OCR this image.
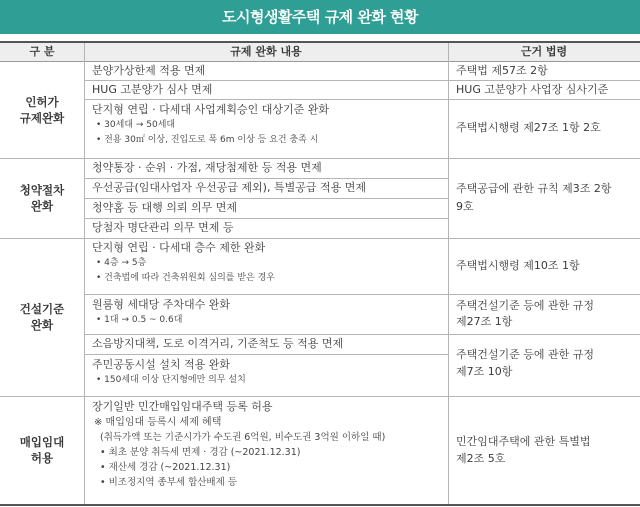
도시형생활주택 규제 완화 현황
구 분	규제 완화 내용	근거 법령
인허가
규제완화
분양가상한제 적용 면제
HUG 고분양가 심사 면제
단지형 연립 · 다세대 사업계획승인 대상기준 완화
• 30세대 → 50세대
• 전용 30㎡ 이상, 진입도로 폭 6m 이상 등 요건 충족 시
주택법 제57조 2항
HUG 고분양가 사업장 심사기준
주택법시행령 제27조 1항 2호
청약절차
완화
청약통장 · 순위 · 가점, 재당첨제한 등 적용 면제
우선공급(임대사업자 우선공급 제외), 특별공급 적용 면제
청약홈 등 대행 의뢰 의무 면제
당첨자 명단관리 의무 면제 등
주택공급에 관한 규칙 제3조 2항
9호
건설기준
완화
단지형 연립 · 다세대 층수 제한 완화
• 4층 → 5층
• 건축법에 따라 건축위원회 심의를 받은 경우
원룸형 세대당 주차대수 완화
• 1대 → 0.5 ~ 0.6대
소음방지대책, 도로 이격거리, 기준척도 등 적용 면제
주민공동시설 설치 적용 완화
• 150세대 이상 단지형에만 의무 설치
주택법시행령 제10조 1항
주택건설기준 등에 관한 규정
제27조 1항
주택건설기준 등에 관한 규정
제7조 10항
매입임대
허용
장기일반 민간매입임대주택 등록 허용
※ 매입임대 등록시 세제 혜택
(취득가액 또는 기준시가가 수도권 6억원, 비수도권 3억원 이하일 때)
• 최초 분양 취득세 면제 · 경감 (~2021.12.31)
• 재산세 경감 (~2021.12.31)
• 비조정지역 종부세 합산배제 등
민간임대주택에 관한 특별법
제2조 5호
